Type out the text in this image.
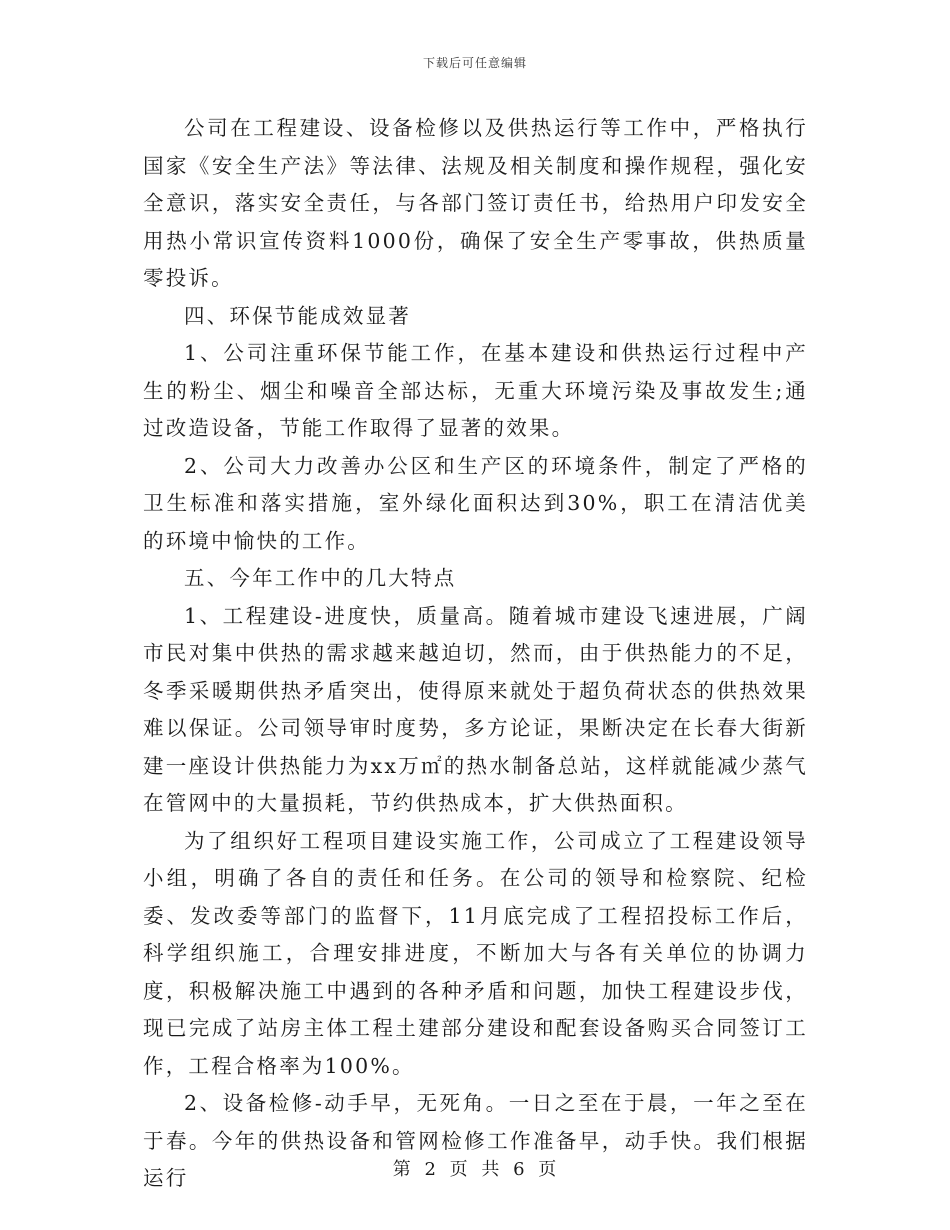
下载后可任意编辑

公司在工程建设、设备检修以及供热运行等工作中，严格执行国家《安全生产法》等法律、法规及相关制度和操作规程，强化安全意识，落实安全责任，与各部门签订责任书，给热用户印发安全用热小常识宣传资料1000份，确保了安全生产零事故，供热质量零投诉。

四、环保节能成效显著

1、公司注重环保节能工作，在基本建设和供热运行过程中产生的粉尘、烟尘和噪音全部达标，无重大环境污染及事故发生;通过改造设备，节能工作取得了显著的效果。

2、公司大力改善办公区和生产区的环境条件，制定了严格的卫生标准和落实措施，室外绿化面积达到30%，职工在清洁优美的环境中愉快的工作。

五、今年工作中的几大特点

1、工程建设-进度快，质量高。随着城市建设飞速进展，广阔市民对集中供热的需求越来越迫切，然而，由于供热能力的不足，冬季采暖期供热矛盾突出，使得原来就处于超负荷状态的供热效果难以保证。公司领导审时度势，多方论证，果断决定在长春大街新建一座设计供热能力为xx万㎡的热水制备总站，这样就能减少蒸气在管网中的大量损耗，节约供热成本，扩大供热面积。

为了组织好工程项目建设实施工作，公司成立了工程建设领导小组，明确了各自的责任和任务。在公司的领导和检察院、纪检委、发改委等部门的监督下，11月底完成了工程招投标工作后，科学组织施工，合理安排进度，不断加大与各有关单位的协调力度，积极解决施工中遇到的各种矛盾和问题，加快工程建设步伐，现已完成了站房主体工程土建部分建设和配套设备购买合同签订工作，工程合格率为100%。

2、设备检修-动手早，无死角。一日之至在于晨，一年之至在于春。今年的供热设备和管网检修工作准备早，动手快。我们根据运行	第 2 页 共 6 页
